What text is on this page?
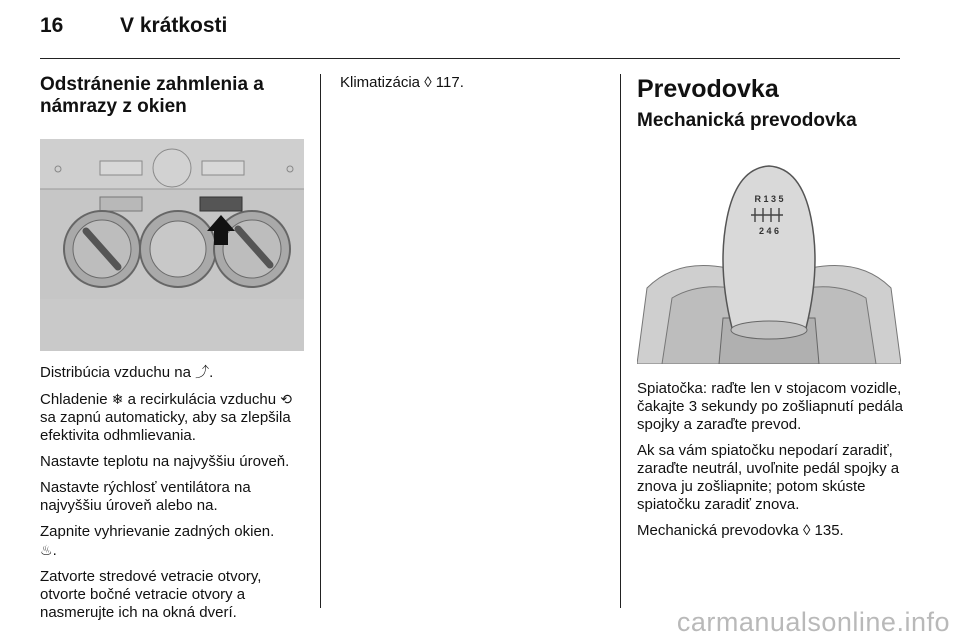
16	V krátkosti
Odstránenie zahmlenia a
námrazy z okien

Distribúcia vzduchu na ⤴.

Chladenie ❄ a recirkulácia vzduchu ⟲ sa zapnú automaticky, aby sa zlepšila efektivita odhmlievania.

Nastavte teplotu na najvyššiu úroveň.

Nastavte rýchlosť ventilátora na najvyššiu úroveň alebo na.

Zapnite vyhrievanie zadných okien.
♨.

Zatvorte stredové vetracie otvory, otvorte bočné vetracie otvory a nasmerujte ich na okná dverí.

Klimatizácia ◊ 117.	Prevodovka
Mechanická prevodovka
R 1 3 5
2 4 6

Spiatočka: raďte len v stojacom vozidle, čakajte 3 sekundy po zošliapnutí pedála spojky a zaraďte prevod.

Ak sa vám spiatočku nepodarí zaradiť, zaraďte neutrál, uvoľnite pedál spojky a znova ju zošliapnite; potom skúste spiatočku zaradiť znova.

Mechanická prevodovka ◊ 135.

carmanualsonline.info
